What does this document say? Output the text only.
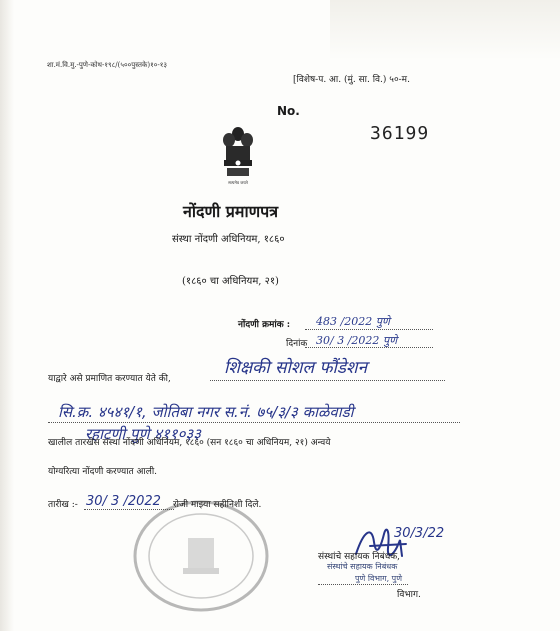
शा.मं.वि.मु.-पुणे-कोथ-१९८/(५००पुस्तके)१०-१३
[विशेष-प. आ. (मुं. सा. वि.) ५०-म.
No.
36199
सत्यमेव जयते
नोंदणी प्रमाणपत्र
संस्था नोंदणी अधिनियम, १८६०
(१८६० चा अधिनियम, २१)
नोंदणी क्रमांक : 483 /2022 पुणे
दिनांक 30/ 3 /2022 पुणे
याद्वारे असे प्रमाणित करण्यात येते की,
शिक्षकी सोशल फौंडेशन
सि.क्र. ४५४१/१, जोतिबा नगर स.नं. ७५/३/३ काळेवाडी
रहाटणी पुणे ४११०३३
खालील तारखेस संस्था नोंदणी अधिनियम, १८६० (सन १८६० चा अधिनियम, २१) अन्वये
योग्यरित्या नोंदणी करण्यात आली.
तारीख :- 30/ 3 /2022 रोजी माझ्या सहीनिशी दिले.
30/3/22
संस्थांचे सहायक निबंधक,
संस्थांचे सहायक निबंधक
पुणे विभाग, पुणे
विभाग.
